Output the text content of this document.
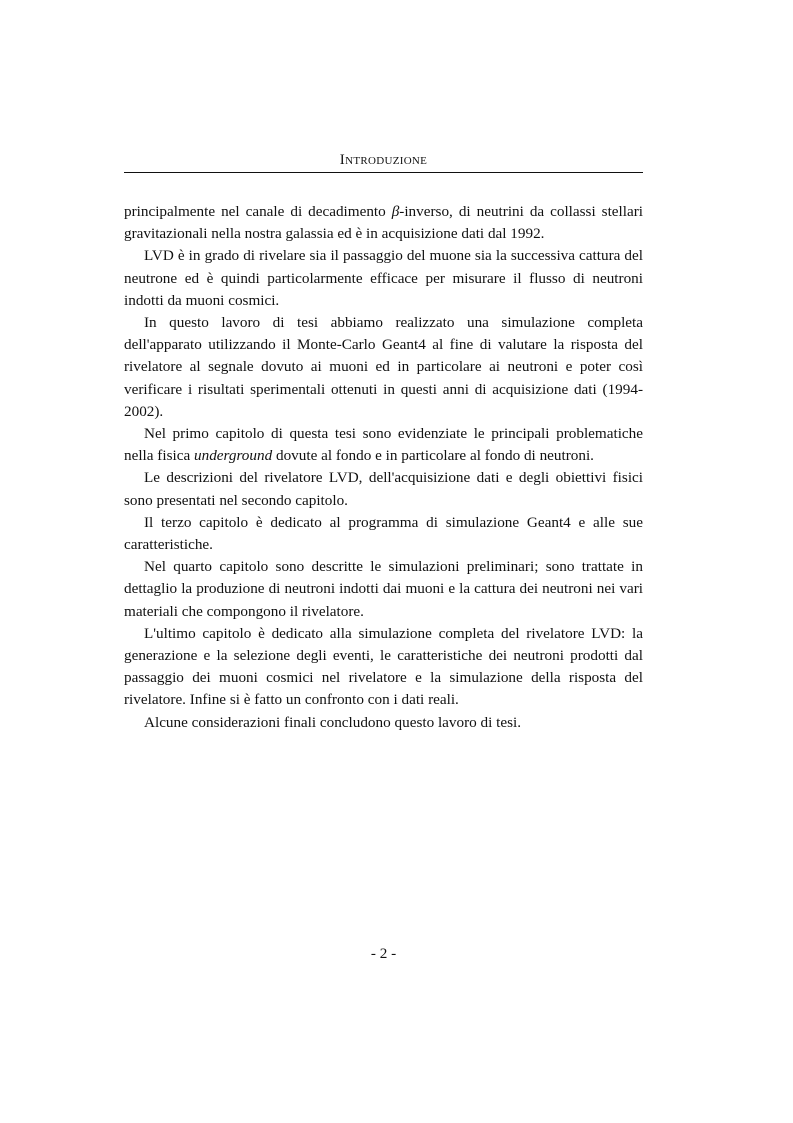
Introduzione

principalmente nel canale di decadimento β-inverso, di neutrini da collassi stellari gravitazionali nella nostra galassia ed è in acquisizione dati dal 1992.

LVD è in grado di rivelare sia il passaggio del muone sia la successiva cattura del neutrone ed è quindi particolarmente efficace per misurare il flusso di neutroni indotti da muoni cosmici.

In questo lavoro di tesi abbiamo realizzato una simulazione completa dell'apparato utilizzando il Monte-Carlo Geant4 al fine di valutare la risposta del rivelatore al segnale dovuto ai muoni ed in particolare ai neutroni e poter così verificare i risultati sperimentali ottenuti in questi anni di acquisizione dati (1994-2002).

Nel primo capitolo di questa tesi sono evidenziate le principali problematiche nella fisica underground dovute al fondo e in particolare al fondo di neutroni.

Le descrizioni del rivelatore LVD, dell'acquisizione dati e degli obiettivi fisici sono presentati nel secondo capitolo.

Il terzo capitolo è dedicato al programma di simulazione Geant4 e alle sue caratteristiche.

Nel quarto capitolo sono descritte le simulazioni preliminari; sono trattate in dettaglio la produzione di neutroni indotti dai muoni e la cattura dei neutroni nei vari materiali che compongono il rivelatore.

L'ultimo capitolo è dedicato alla simulazione completa del rivelatore LVD: la generazione e la selezione degli eventi, le caratteristiche dei neutroni prodotti dal passaggio dei muoni cosmici nel rivelatore e la simulazione della risposta del rivelatore. Infine si è fatto un confronto con i dati reali.

Alcune considerazioni finali concludono questo lavoro di tesi.

- 2 -
